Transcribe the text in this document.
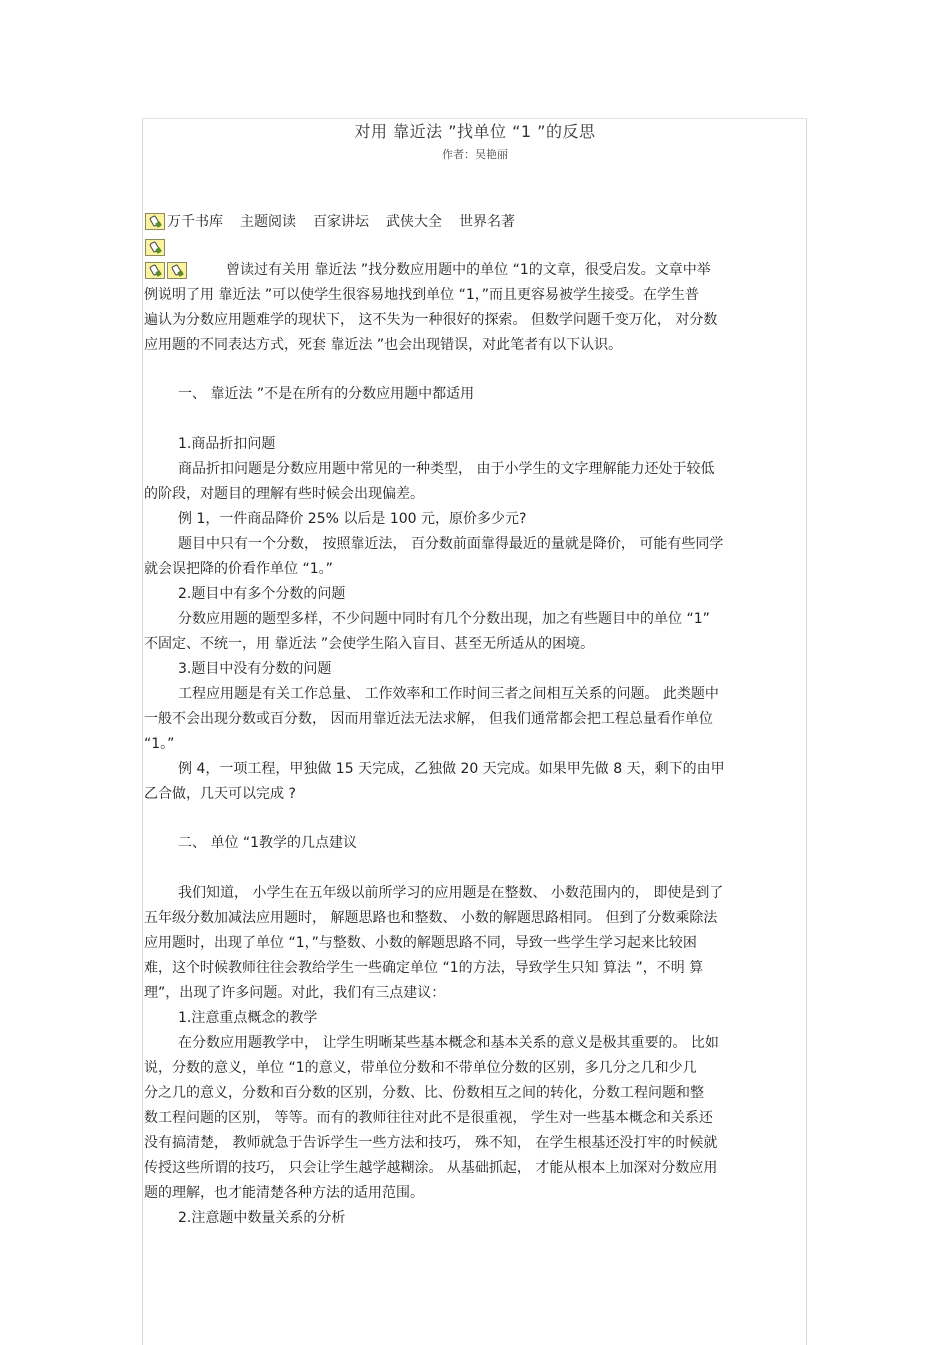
对用 靠近法 ”找单位 “1 ”的反思
作者：吴艳丽
万千书库 主题阅读 百家讲坛 武侠大全 世界名著

曾读过有关用 靠近法 ”找分数应用题中的单位 “1的文章，很受启发。文章中举

例说明了用 靠近法 ”可以使学生很容易地找到单位 “1，”而且更容易被学生接受。在学生普

遍认为分数应用题难学的现状下， 这不失为一种很好的探索。 但数学问题千变万化， 对分数

应用题的不同表达方式，死套 靠近法 ”也会出现错误，对此笔者有以下认识。

一、 靠近法 ”不是在所有的分数应用题中都适用

1.商品折扣问题

商品折扣问题是分数应用题中常见的一种类型， 由于小学生的文字理解能力还处于较低

的阶段，对题目的理解有些时候会出现偏差。

例 1，一件商品降价 25% 以后是 100 元，原价多少元?

题目中只有一个分数， 按照靠近法， 百分数前面靠得最近的量就是降价， 可能有些同学

就会误把降的价看作单位 “1。”

2.题目中有多个分数的问题

分数应用题的题型多样，不少问题中同时有几个分数出现，加之有些题目中的单位 “1”

不固定、不统一，用 靠近法 ”会使学生陷入盲目、甚至无所适从的困境。

3.题目中没有分数的问题

工程应用题是有关工作总量、 工作效率和工作时间三者之间相互关系的问题。 此类题中

一般不会出现分数或百分数， 因而用靠近法无法求解， 但我们通常都会把工程总量看作单位

“1。”

例 4，一项工程，甲独做 15 天完成，乙独做 20 天完成。如果甲先做 8 天，剩下的由甲

乙合做，几天可以完成 ?

二、 单位 “1教学的几点建议

我们知道， 小学生在五年级以前所学习的应用题是在整数、 小数范围内的， 即使是到了

五年级分数加减法应用题时， 解题思路也和整数、 小数的解题思路相同。 但到了分数乘除法

应用题时，出现了单位 “1，”与整数、小数的解题思路不同，导致一些学生学习起来比较困

难，这个时候教师往往会教给学生一些确定单位 “1的方法，导致学生只知 算法 ”，不明 算

理”，出现了许多问题。对此，我们有三点建议：

1.注意重点概念的教学

在分数应用题教学中， 让学生明晰某些基本概念和基本关系的意义是极其重要的。 比如

说，分数的意义，单位 “1的意义，带单位分数和不带单位分数的区别，多几分之几和少几

分之几的意义，分数和百分数的区别，分数、比、份数相互之间的转化，分数工程问题和整

数工程问题的区别， 等等。而有的教师往往对此不是很重视， 学生对一些基本概念和关系还

没有搞清楚， 教师就急于告诉学生一些方法和技巧， 殊不知， 在学生根基还没打牢的时候就

传授这些所谓的技巧， 只会让学生越学越糊涂。 从基础抓起， 才能从根本上加深对分数应用

题的理解，也才能清楚各种方法的适用范围。

2.注意题中数量关系的分析
